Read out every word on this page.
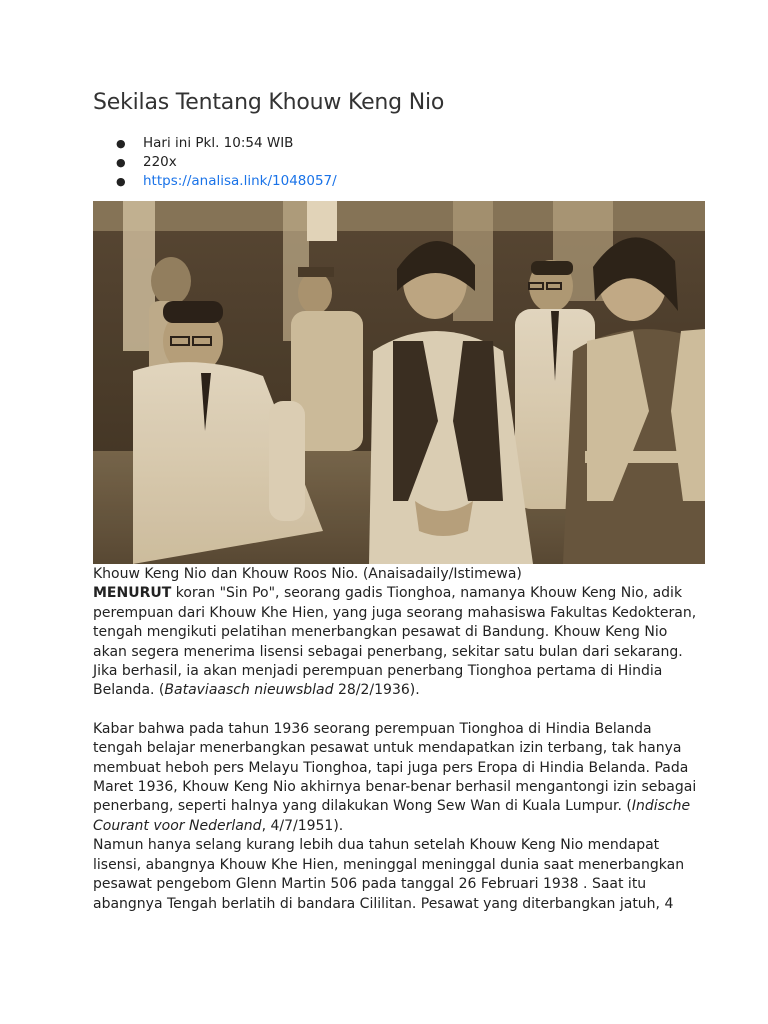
Sekilas Tentang Khouw Keng Nio
● Hari ini Pkl. 10:54 WIB
● 220x
● https://analisa.link/1048057/
Khouw Keng Nio dan Khouw Roos Nio. (Anaisadaily/Istimewa)

MENURUT koran "Sin Po", seorang gadis Tionghoa, namanya Khouw Keng Nio, adik perempuan dari Khouw Khe Hien, yang juga seorang mahasiswa Fakultas Kedokteran, tengah mengikuti pelatihan menerbangkan pesawat di Bandung. Khouw Keng Nio akan segera menerima lisensi sebagai penerbang, sekitar satu bulan dari sekarang. Jika berhasil, ia akan menjadi perempuan penerbang Tionghoa pertama di Hindia Belanda. (Bataviaasch nieuwsblad 28/2/1936).

Kabar bahwa pada tahun 1936 seorang perempuan Tionghoa di Hindia Belanda tengah belajar menerbangkan pesawat untuk mendapatkan izin terbang, tak hanya membuat heboh pers Melayu Tionghoa, tapi juga pers Eropa di Hindia Belanda. Pada Maret 1936, Khouw Keng Nio akhirnya benar-benar berhasil mengantongi izin sebagai penerbang, seperti halnya yang dilakukan Wong Sew Wan di Kuala Lumpur. (Indische Courant voor Nederland, 4/7/1951).

Namun hanya selang kurang lebih dua tahun setelah Khouw Keng Nio mendapat lisensi, abangnya Khouw Khe Hien, meninggal meninggal dunia saat menerbangkan pesawat pengebom Glenn Martin 506 pada tanggal 26 Februari 1938 . Saat itu abangnya Tengah berlatih di bandara Cililitan. Pesawat yang diterbangkan jatuh, 4
